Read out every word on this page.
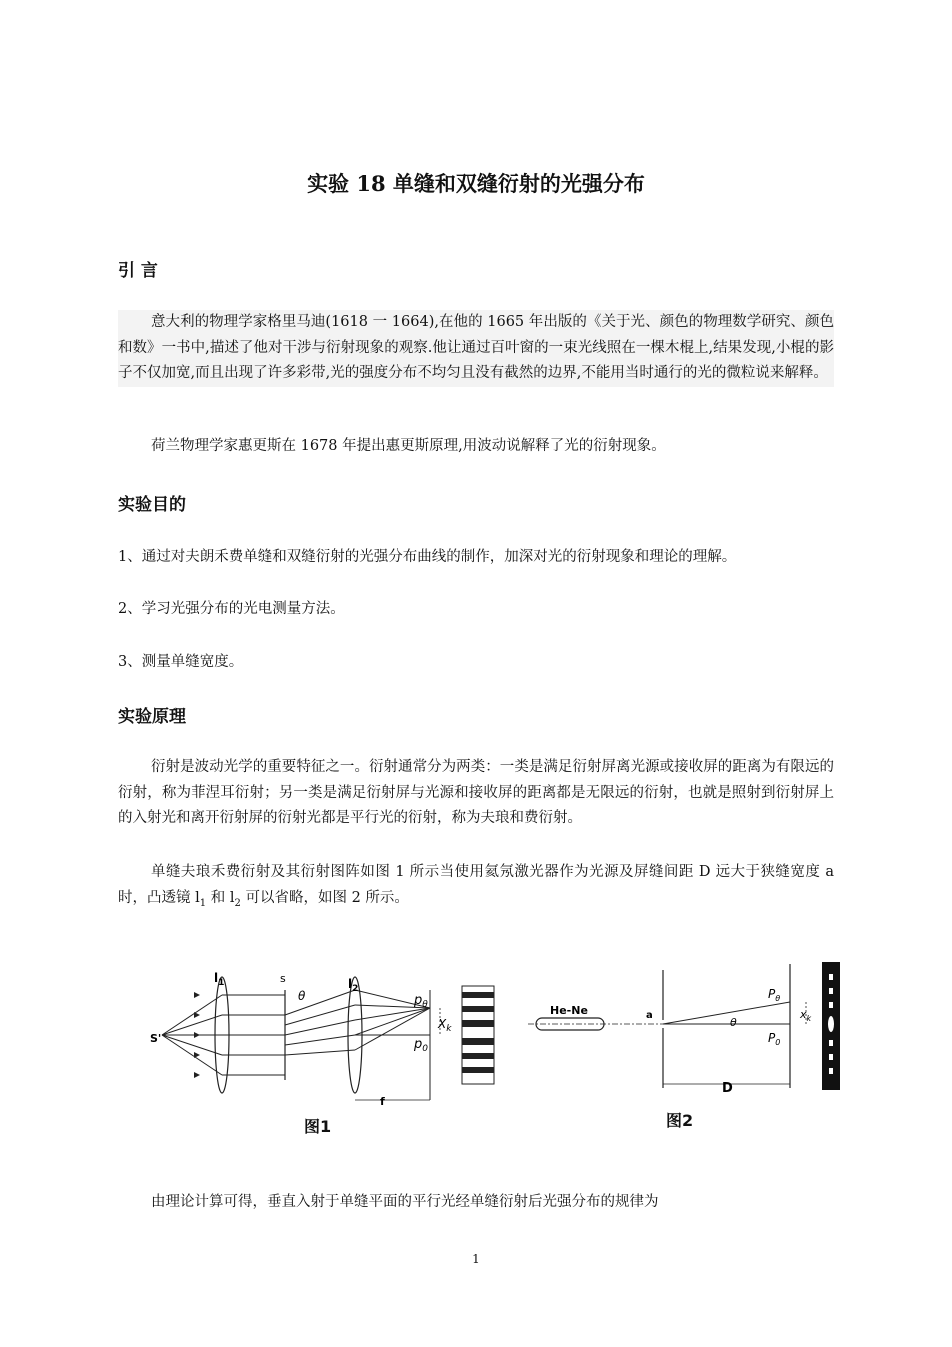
实验 18 单缝和双缝衍射的光强分布
引 言
意大利的物理学家格里马迪(1618 一 1664),在他的 1665 年出版的《关于光、颜色的物理数学研究、颜色和数》一书中,描述了他对干涉与衍射现象的观察.他让通过百叶窗的一束光线照在一棵木棍上,结果发现,小棍的影子不仅加宽,而且出现了许多彩带,光的强度分布不均匀且没有截然的边界,不能用当时通行的光的微粒说来解释。
荷兰物理学家惠更斯在 1678 年提出惠更斯原理,用波动说解释了光的衍射现象。
实验目的
1、通过对夫朗禾费单缝和双缝衍射的光强分布曲线的制作，加深对光的衍射现象和理论的理解。
2、学习光强分布的光电测量方法。
3、测量单缝宽度。
实验原理
衍射是波动光学的重要特征之一。衍射通常分为两类：一类是满足衍射屏离光源或接收屏的距离为有限远的衍射，称为菲涅耳衍射；另一类是满足衍射屏与光源和接收屏的距离都是无限远的衍射，也就是照射到衍射屏上的入射光和离开衍射屏的衍射光都是平行光的衍射，称为夫琅和费衍射。
单缝夫琅禾费衍射及其衍射图阵如图 1 所示当使用氦氖激光器作为光源及屏缝间距 D 远大于狭缝宽度 a 时，凸透镜 $l_1$ 和 $l_2$ 可以省略，如图 2 所示。
S'
$l_1$	s
θ
$l_2$
$p_\theta$
$p_0$
$X_k$
f
图1
He-Ne	a
θ
$P_\theta$
$P_0$
$x_k$
D
图2
由理论计算可得，垂直入射于单缝平面的平行光经单缝衍射后光强分布的规律为
1
